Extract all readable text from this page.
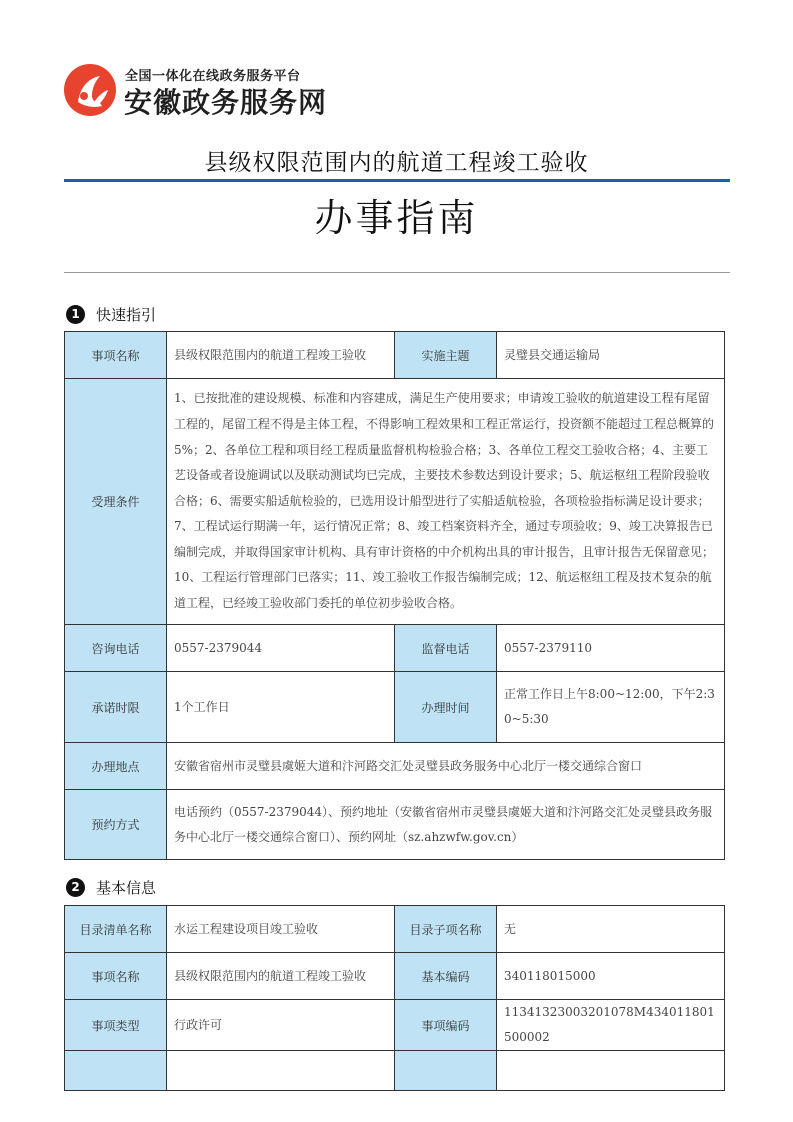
全国一体化在线政务服务平台
安徽政务服务网
县级权限范围内的航道工程竣工验收
办事指南
1	快速指引
事项名称	县级权限范围内的航道工程竣工验收	实施主题	灵璧县交通运输局
受理条件	1、已按批准的建设规模、标准和内容建成，满足生产使用要求；申请竣工验收的航道建设工程有尾留工程的，尾留工程不得是主体工程，不得影响工程效果和工程正常运行，投资额不能超过工程总概算的5%；2、各单位工程和项目经工程质量监督机构检验合格；3、各单位工程交工验收合格；4、主要工艺设备或者设施调试以及联动测试均已完成，主要技术参数达到设计要求；5、航运枢纽工程阶段验收合格；6、需要实船适航检验的，已选用设计船型进行了实船适航检验，各项检验指标满足设计要求；7、工程试运行期满一年，运行情况正常；8、竣工档案资料齐全，通过专项验收；9、竣工决算报告已编制完成，并取得国家审计机构、具有审计资格的中介机构出具的审计报告，且审计报告无保留意见；10、工程运行管理部门已落实；11、竣工验收工作报告编制完成；12、航运枢纽工程及技术复杂的航道工程，已经竣工验收部门委托的单位初步验收合格。		
咨询电话	0557-2379044	监督电话	0557-2379110
承诺时限	1个工作日	办理时间	正常工作日上午8:00~12:00，下午2:30~5:30
办理地点	安徽省宿州市灵璧县虞姬大道和汴河路交汇处灵璧县政务服务中心北厅一楼交通综合窗口		
预约方式	电话预约（0557-2379044）、预约地址（安徽省宿州市灵璧县虞姬大道和汴河路交汇处灵璧县政务服务中心北厅一楼交通综合窗口）、预约网址（sz.ahzwfw.gov.cn）		
2	基本信息
目录清单名称	水运工程建设项目竣工验收	目录子项名称	无
事项名称	县级权限范围内的航道工程竣工验收	基本编码	340118015000
事项类型	行政许可	事项编码	11341323003201078M434011801500002
